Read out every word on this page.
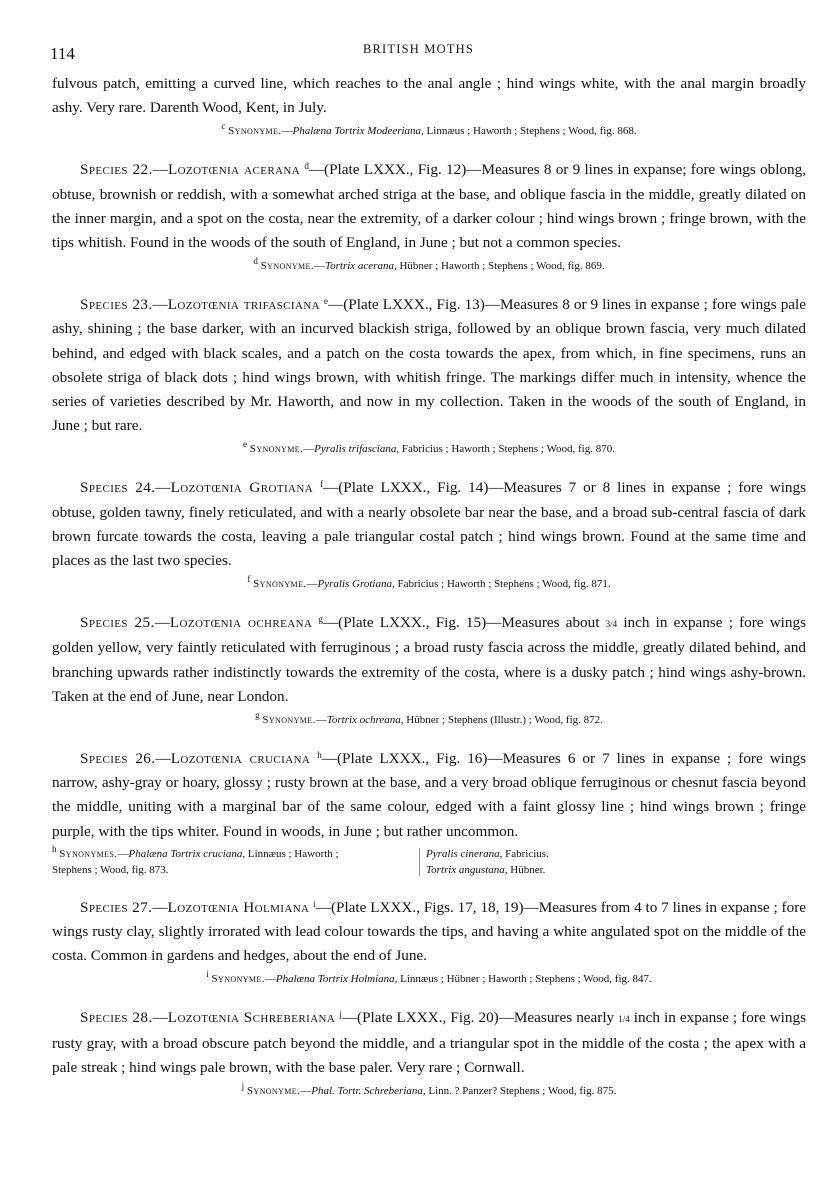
114	BRITISH MOTHS

fulvous patch, emitting a curved line, which reaches to the anal angle ; hind wings white, with the anal margin broadly ashy. Very rare. Darenth Wood, Kent, in July.

$^c$ Synonyme.—Phalæna Tortrix Modeeriana, Linnæus ; Haworth ; Stephens ; Wood, fig. 868.

Species 22.—Lozotœnia acerana $^d$—(Plate LXXX., Fig. 12)—Measures 8 or 9 lines in expanse; fore wings oblong, obtuse, brownish or reddish, with a somewhat arched striga at the base, and oblique fascia in the middle, greatly dilated on the inner margin, and a spot on the costa, near the extremity, of a darker colour ; hind wings brown ; fringe brown, with the tips whitish. Found in the woods of the south of England, in June ; but not a common species.

$^d$ Synonyme.—Tortrix acerana, Hübner ; Haworth ; Stephens ; Wood, fig. 869.

Species 23.—Lozotœnia trifasciana $^e$—(Plate LXXX., Fig. 13)—Measures 8 or 9 lines in expanse ; fore wings pale ashy, shining ; the base darker, with an incurved blackish striga, followed by an oblique brown fascia, very much dilated behind, and edged with black scales, and a patch on the costa towards the apex, from which, in fine specimens, runs an obsolete striga of black dots ; hind wings brown, with whitish fringe. The markings differ much in intensity, whence the series of varieties described by Mr. Haworth, and now in my collection. Taken in the woods of the south of England, in June ; but rare.

$^e$ Synonyme.—Pyralis trifasciana, Fabricius ; Haworth ; Stephens ; Wood, fig. 870.

Species 24.—Lozotœnia Grotiana $^f$—(Plate LXXX., Fig. 14)—Measures 7 or 8 lines in expanse ; fore wings obtuse, golden tawny, finely reticulated, and with a nearly obsolete bar near the base, and a broad sub-central fascia of dark brown furcate towards the costa, leaving a pale triangular costal patch ; hind wings brown. Found at the same time and places as the last two species.

$^f$ Synonyme.—Pyralis Grotiana, Fabricius ; Haworth ; Stephens ; Wood, fig. 871.

Species 25.—Lozotœnia ochreana $^g$—(Plate LXXX., Fig. 15)—Measures about 3/4 inch in expanse ; fore wings golden yellow, very faintly reticulated with ferruginous ; a broad rusty fascia across the middle, greatly dilated behind, and branching upwards rather indistinctly towards the extremity of the costa, where is a dusky patch ; hind wings ashy-brown. Taken at the end of June, near London.

$^g$ Synonyme.—Tortrix ochreana, Hübner ; Stephens (Illustr.) ; Wood, fig. 872.

Species 26.—Lozotœnia cruciana $^h$—(Plate LXXX., Fig. 16)—Measures 6 or 7 lines in expanse ; fore wings narrow, ashy-gray or hoary, glossy ; rusty brown at the base, and a very broad oblique ferruginous or chesnut fascia beyond the middle, uniting with a marginal bar of the same colour, edged with a faint glossy line ; hind wings brown ; fringe purple, with the tips whiter. Found in woods, in June ; but rather uncommon.

$^h$ Synonymes.—Phalæna Tortrix cruciana, Linnæus ; Haworth ;
Stephens ; Wood, fig. 873.
Pyralis cinerana, Fabricius.
Tortrix angustana, Hübner.

Species 27.—Lozotœnia Holmiana $^i$—(Plate LXXX., Figs. 17, 18, 19)—Measures from 4 to 7 lines in expanse ; fore wings rusty clay, slightly irrorated with lead colour towards the tips, and having a white angulated spot on the middle of the costa. Common in gardens and hedges, about the end of June.

$^i$ Synonyme.—Phalæna Tortrix Holmiana, Linnæus ; Hübner ; Haworth ; Stephens ; Wood, fig. 847.

Species 28.—Lozotœnia Schreberiana $^j$—(Plate LXXX., Fig. 20)—Measures nearly 1/4 inch in expanse ; fore wings rusty gray, with a broad obscure patch beyond the middle, and a triangular spot in the middle of the costa ; the apex with a pale streak ; hind wings pale brown, with the base paler. Very rare ; Cornwall.

$^j$ Synonyme.—Phal. Tortr. Schreberiana, Linn. ? Panzer? Stephens ; Wood, fig. 875.
